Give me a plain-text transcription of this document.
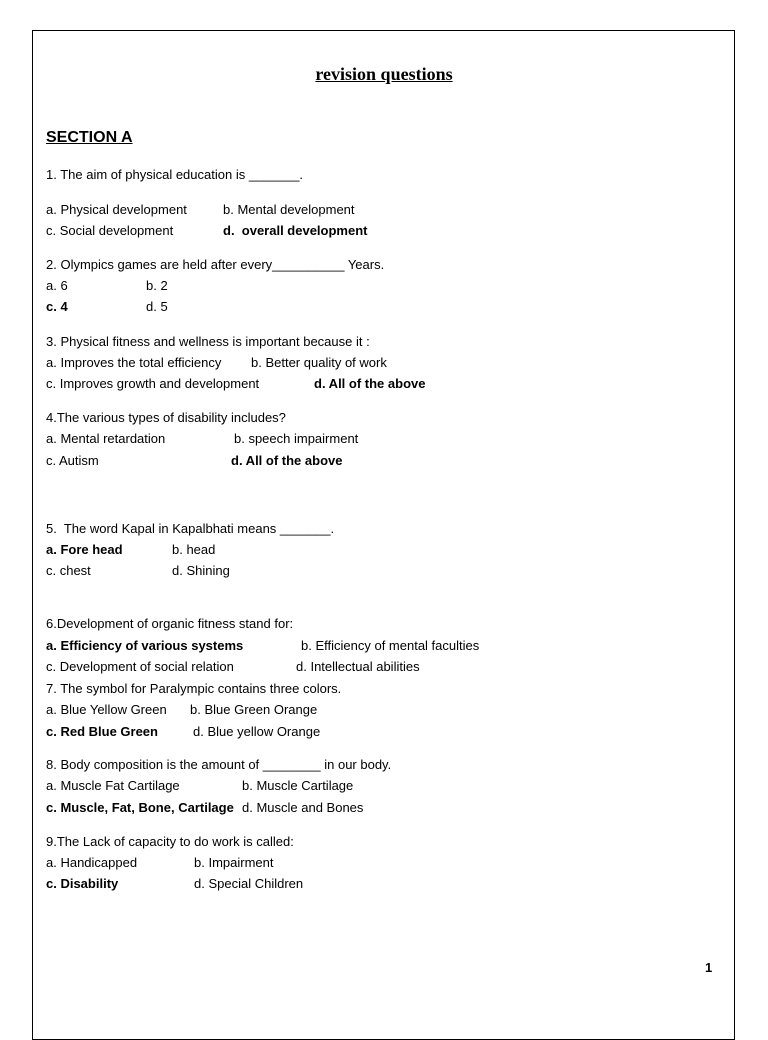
revision questions
SECTION A
1. The aim of physical education is _______.
a. Physical development	b. Mental development
c. Social development	d.  overall development
2. Olympics games are held after every__________ Years.
a. 6	b. 2
c. 4	d. 5
3. Physical fitness and wellness is important because it :
a. Improves the total efficiency b. Better quality of work
c. Improves growth and development	d. All of the above
4.The various types of disability includes?
a. Mental retardation	b. speech impairment
c. Autism	d. All of the above
5.  The word Kapal in Kapalbhati means _______.
a. Fore head	b. head
c. chest	d. Shining
6.Development of organic fitness stand for:
a. Efficiency of various systems	b. Efficiency of mental faculties
c. Development of social relation	d. Intellectual abilities
7. The symbol for Paralympic contains three colors.
a. Blue Yellow Green b. Blue Green Orange
c. Red Blue Green	d. Blue yellow Orange
8. Body composition is the amount of ________ in our body.
a. Muscle Fat Cartilage	b. Muscle Cartilage
c. Muscle, Fat, Bone, Cartilage d. Muscle and Bones
9.The Lack of capacity to do work is called:
a. Handicapped	b. Impairment
c. Disability	d. Special Children
1
